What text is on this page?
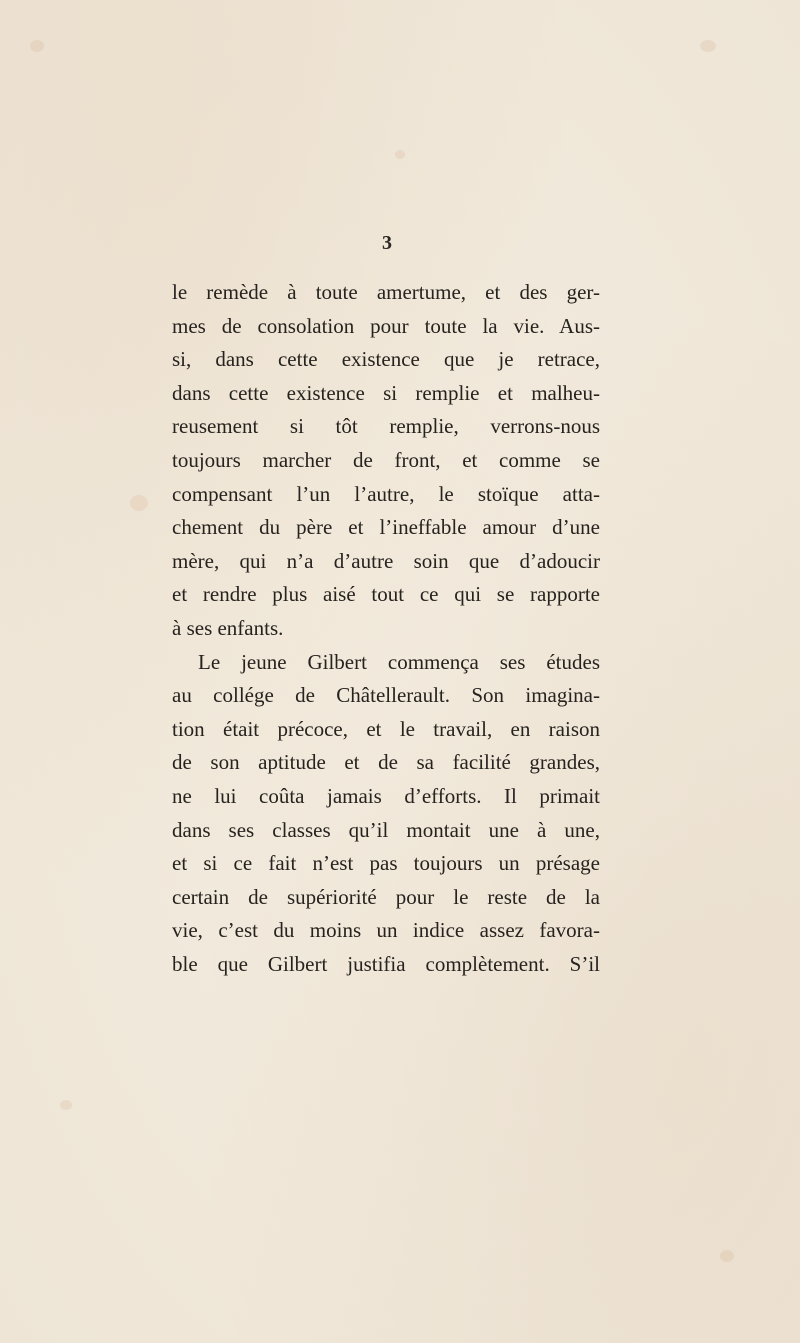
3
le remède à toute amertume, et des ger-
mes de consolation pour toute la vie. Aus-
si, dans cette existence que je retrace,
dans cette existence si remplie et malheu-
reusement si tôt remplie, verrons-nous
toujours marcher de front, et comme se
compensant l’un l’autre, le stoïque atta-
chement du père et l’ineffable amour d’une
mère, qui n’a d’autre soin que d’adoucir
et rendre plus aisé tout ce qui se rapporte
à ses enfants.
Le jeune Gilbert commença ses études
au collége de Châtellerault. Son imagina-
tion était précoce, et le travail, en raison
de son aptitude et de sa facilité grandes,
ne lui coûta jamais d’efforts. Il primait
dans ses classes qu’il montait une à une,
et si ce fait n’est pas toujours un présage
certain de supériorité pour le reste de la
vie, c’est du moins un indice assez favora-
ble que Gilbert justifia complètement. S’il
